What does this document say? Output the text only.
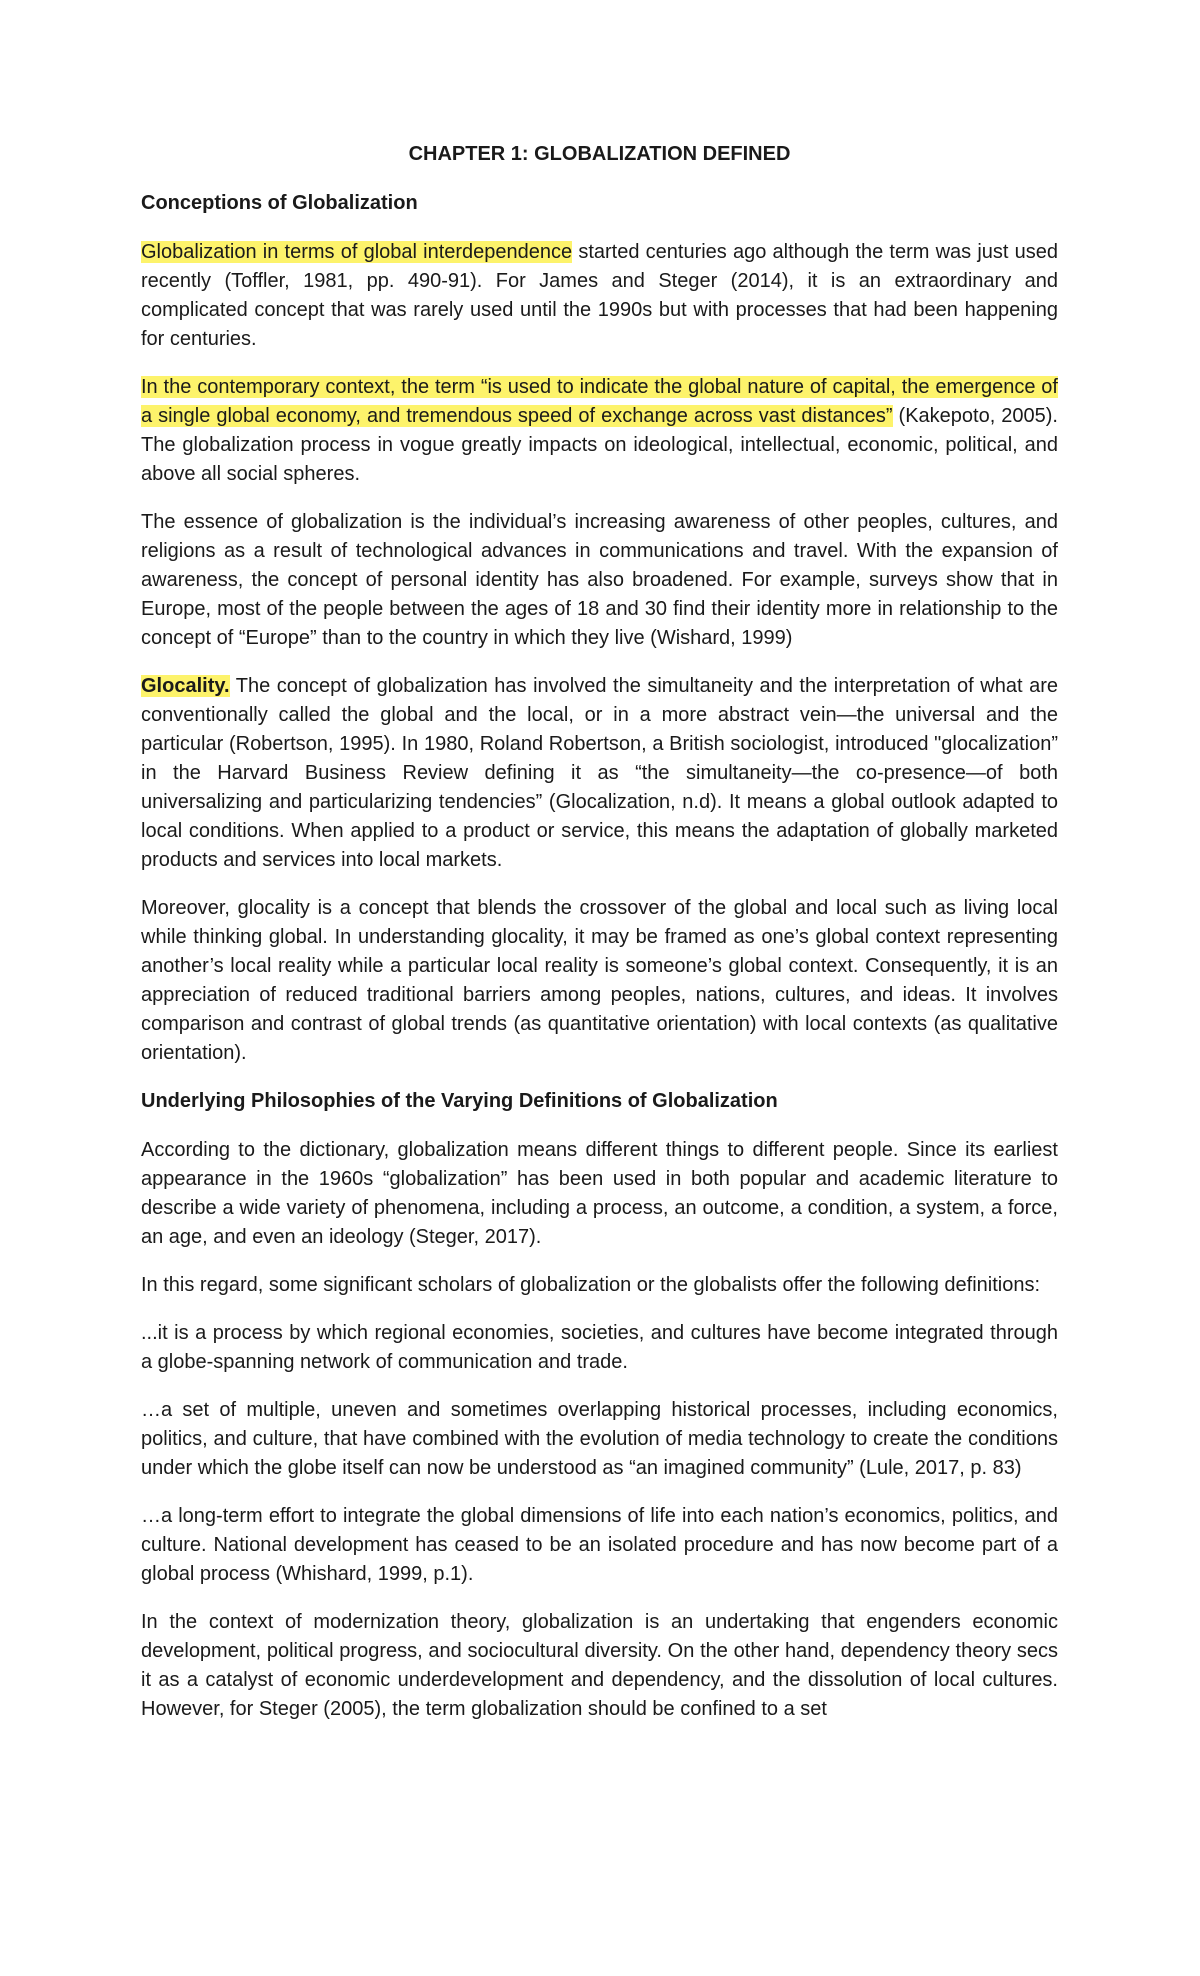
CHAPTER 1: GLOBALIZATION DEFINED
Conceptions of Globalization

Globalization in terms of global interdependence started centuries ago although the term was just used recently (Toffler, 1981, pp. 490-91). For James and Steger (2014), it is an extraordinary and complicated concept that was rarely used until the 1990s but with processes that had been happening for centuries.

In the contemporary context, the term “is used to indicate the global nature of capital, the emergence of a single global economy, and tremendous speed of exchange across vast distances” (Kakepoto, 2005). The globalization process in vogue greatly impacts on ideological, intellectual, economic, political, and above all social spheres.

The essence of globalization is the individual’s increasing awareness of other peoples, cultures, and religions as a result of technological advances in communications and travel. With the expansion of awareness, the concept of personal identity has also broadened. For example, surveys show that in Europe, most of the people between the ages of 18 and 30 find their identity more in relationship to the concept of “Europe” than to the country in which they live (Wishard, 1999)

Glocality. The concept of globalization has involved the simultaneity and the interpretation of what are conventionally called the global and the local, or in a more abstract vein—the universal and the particular (Robertson, 1995). In 1980, Roland Robertson, a British sociologist, introduced "glocalization” in the Harvard Business Review defining it as “the simultaneity—the co-presence—of both universalizing and particularizing tendencies” (Glocalization, n.d). It means a global outlook adapted to local conditions. When applied to a product or service, this means the adaptation of globally marketed products and services into local markets.

Moreover, glocality is a concept that blends the crossover of the global and local such as living local while thinking global. In understanding glocality, it may be framed as one’s global context representing another’s local reality while a particular local reality is someone’s global context. Consequently, it is an appreciation of reduced traditional barriers among peoples, nations, cultures, and ideas. It involves comparison and contrast of global trends (as quantitative orientation) with local contexts (as qualitative orientation).

Underlying Philosophies of the Varying Definitions of Globalization

According to the dictionary, globalization means different things to different people. Since its earliest appearance in the 1960s “globalization” has been used in both popular and academic literature to describe a wide variety of phenomena, including a process, an outcome, a condition, a system, a force, an age, and even an ideology (Steger, 2017).

In this regard, some significant scholars of globalization or the globalists offer the following definitions:

...it is a process by which regional economies, societies, and cultures have become integrated through a globe-spanning network of communication and trade.

…a set of multiple, uneven and sometimes overlapping historical processes, including economics, politics, and culture, that have combined with the evolution of media technology to create the conditions under which the globe itself can now be understood as “an imagined community” (Lule, 2017, p. 83)

…a long-term effort to integrate the global dimensions of life into each nation’s economics, politics, and culture. National development has ceased to be an isolated procedure and has now become part of a global process (Whishard, 1999, p.1).

In the context of modernization theory, globalization is an undertaking that engenders economic development, political progress, and sociocultural diversity. On the other hand, dependency theory secs it as a catalyst of economic underdevelopment and dependency, and the dissolution of local cultures. However, for Steger (2005), the term globalization should be confined to a set
